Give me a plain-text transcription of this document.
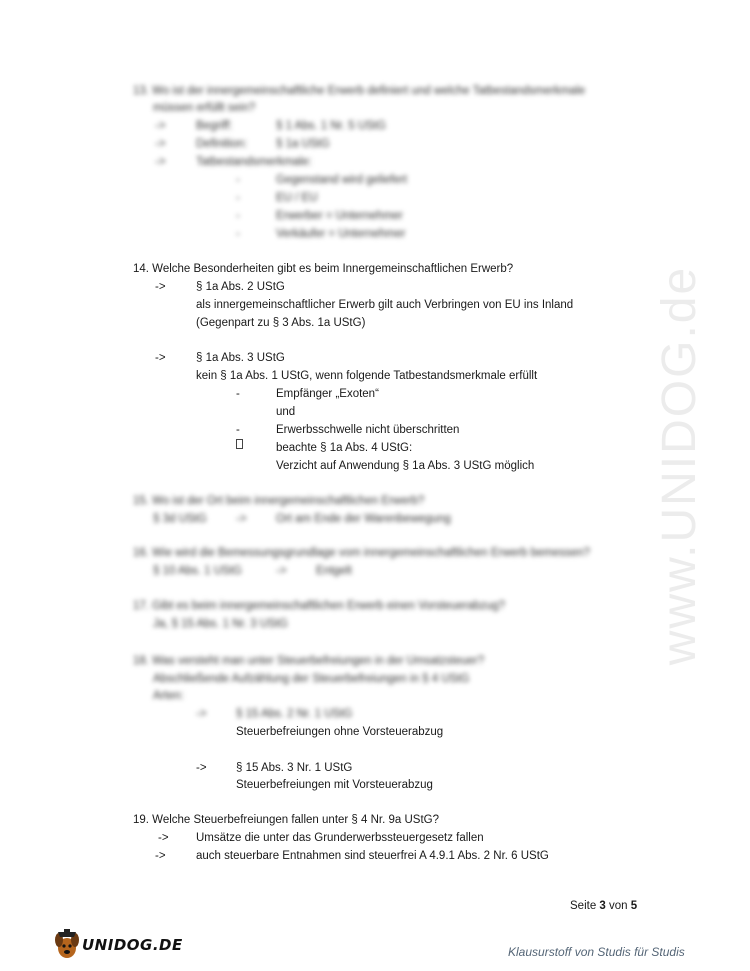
www.UNIDOG.de
13. Wo ist der innergemeinschaftliche Erwerb definiert und welche Tatbestandsmerkmale
müssen erfüllt sein?
->	Begriff:	§ 1 Abs. 1 Nr. 5 UStG
->	Definition:	§ 1a UStG
->	Tatbestandsmerkmale:
-	Gegenstand wird geliefert
-	EU / EU
-	Erwerber = Unternehmer
-	Verkäufer = Unternehmer
14. Welche Besonderheiten gibt es beim Innergemeinschaftlichen Erwerb?
->	§ 1a Abs. 2 UStG
als innergemeinschaftlicher Erwerb gilt auch Verbringen von EU ins Inland
(Gegenpart zu § 3 Abs. 1a UStG)
->	§ 1a Abs. 3 UStG
kein § 1a Abs. 1 UStG, wenn folgende Tatbestandsmerkmale erfüllt
-	Empfänger „Exoten“
und
-	Erwerbsschwelle nicht überschritten
beachte § 1a Abs. 4 UStG:
Verzicht auf Anwendung § 1a Abs. 3 UStG möglich
15. Wo ist der Ort beim innergemeinschaftlichen Erwerb?
§ 3d UStG	->	Ort am Ende der Warenbewegung
16. Wie wird die Bemessungsgrundlage vom innergemeinschaftlichen Erwerb bemessen?
§ 10 Abs. 1 UStG	->	Entgelt
17. Gibt es beim innergemeinschaftlichen Erwerb einen Vorsteuerabzug?
Ja, § 15 Abs. 1 Nr. 3 UStG
18. Was versteht man unter Steuerbefreiungen in der Umsatzsteuer?
Abschließende Aufzählung der Steuerbefreiungen in § 4 UStG
Arten:
->	§ 15 Abs. 2 Nr. 1 UStG
Steuerbefreiungen ohne Vorsteuerabzug
->	§ 15 Abs. 3 Nr. 1 UStG
Steuerbefreiungen mit Vorsteuerabzug
19. Welche Steuerbefreiungen fallen unter § 4 Nr. 9a UStG?
-> Umsätze die unter das Grunderwerbssteuergesetz fallen
->	auch steuerbare Entnahmen sind steuerfrei A 4.9.1 Abs. 2 Nr. 6 UStG
Seite 3 von 5
UNIDOG.DE	Klausurstoff von Studis für Studis
